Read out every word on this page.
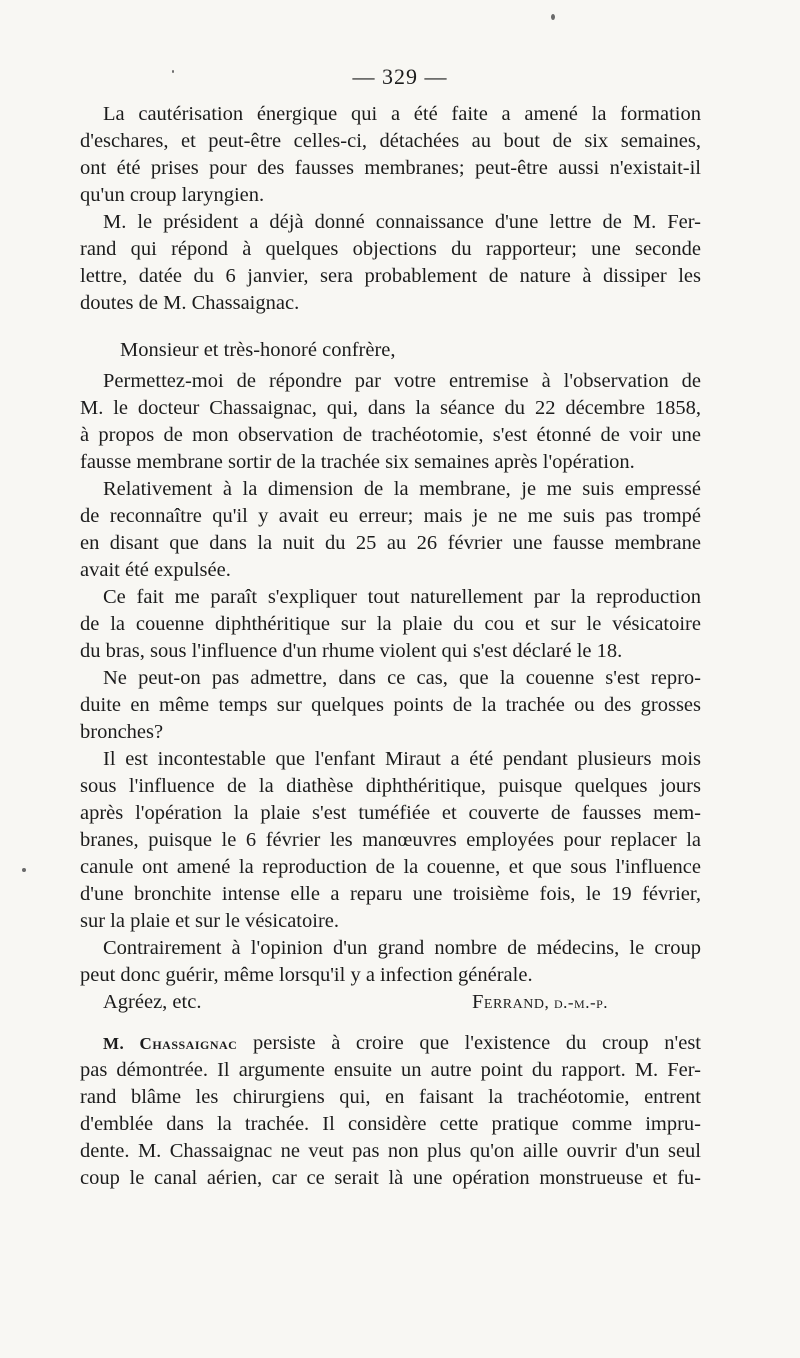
— 329 —
La cautérisation énergique qui a été faite a amené la formation
d'eschares, et peut-être celles-ci, détachées au bout de six semaines,
ont été prises pour des fausses membranes; peut-être aussi n'existait-il
qu'un croup laryngien.
M. le président a déjà donné connaissance d'une lettre de M. Fer-
rand qui répond à quelques objections du rapporteur; une seconde
lettre, datée du 6 janvier, sera probablement de nature à dissiper les
doutes de M. Chassaignac.
Monsieur et très-honoré confrère,
Permettez-moi de répondre par votre entremise à l'observation de
M. le docteur Chassaignac, qui, dans la séance du 22 décembre 1858,
à propos de mon observation de trachéotomie, s'est étonné de voir une
fausse membrane sortir de la trachée six semaines après l'opération.
Relativement à la dimension de la membrane, je me suis empressé
de reconnaître qu'il y avait eu erreur; mais je ne me suis pas trompé
en disant que dans la nuit du 25 au 26 février une fausse membrane
avait été expulsée.
Ce fait me paraît s'expliquer tout naturellement par la reproduction
de la couenne diphthéritique sur la plaie du cou et sur le vésicatoire
du bras, sous l'influence d'un rhume violent qui s'est déclaré le 18.
Ne peut-on pas admettre, dans ce cas, que la couenne s'est repro-
duite en même temps sur quelques points de la trachée ou des grosses
bronches?
Il est incontestable que l'enfant Miraut a été pendant plusieurs mois
sous l'influence de la diathèse diphthéritique, puisque quelques jours
après l'opération la plaie s'est tuméfiée et couverte de fausses mem-
branes, puisque le 6 février les manœuvres employées pour replacer la
canule ont amené la reproduction de la couenne, et que sous l'influence
d'une bronchite intense elle a reparu une troisième fois, le 19 février,
sur la plaie et sur le vésicatoire.
Contrairement à l'opinion d'un grand nombre de médecins, le croup
peut donc guérir, même lorsqu'il y a infection générale.
Agréez, etc.	Ferrand, d.-m.-p.
M. Chassaignac persiste à croire que l'existence du croup n'est
pas démontrée. Il argumente ensuite un autre point du rapport. M. Fer-
rand blâme les chirurgiens qui, en faisant la trachéotomie, entrent
d'emblée dans la trachée. Il considère cette pratique comme impru-
dente. M. Chassaignac ne veut pas non plus qu'on aille ouvrir d'un seul
coup le canal aérien, car ce serait là une opération monstrueuse et fu-
